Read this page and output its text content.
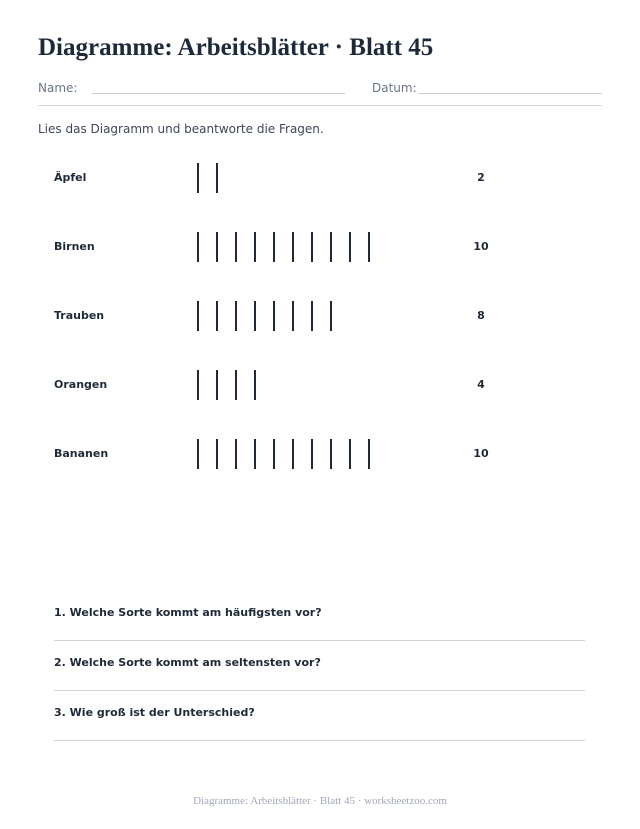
Diagramme: Arbeitsblätter · Blatt 45
Name:	Datum:
Lies das Diagramm und beantworte die Fragen.
Äpfel	2
Birnen	10
Trauben	8
Orangen	4
Bananen	10
1. Welche Sorte kommt am häufigsten vor?
2. Welche Sorte kommt am seltensten vor?
3. Wie groß ist der Unterschied?
Diagramme: Arbeitsblätter · Blatt 45 · worksheetzoo.com
